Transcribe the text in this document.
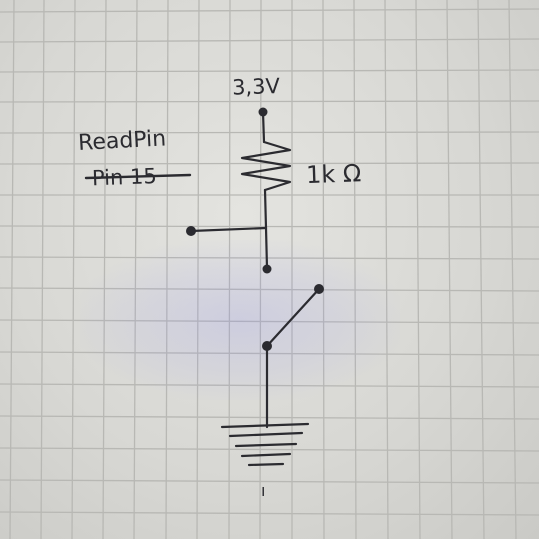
3,3V
1k Ω
ReadPin
Pin 15
ı
